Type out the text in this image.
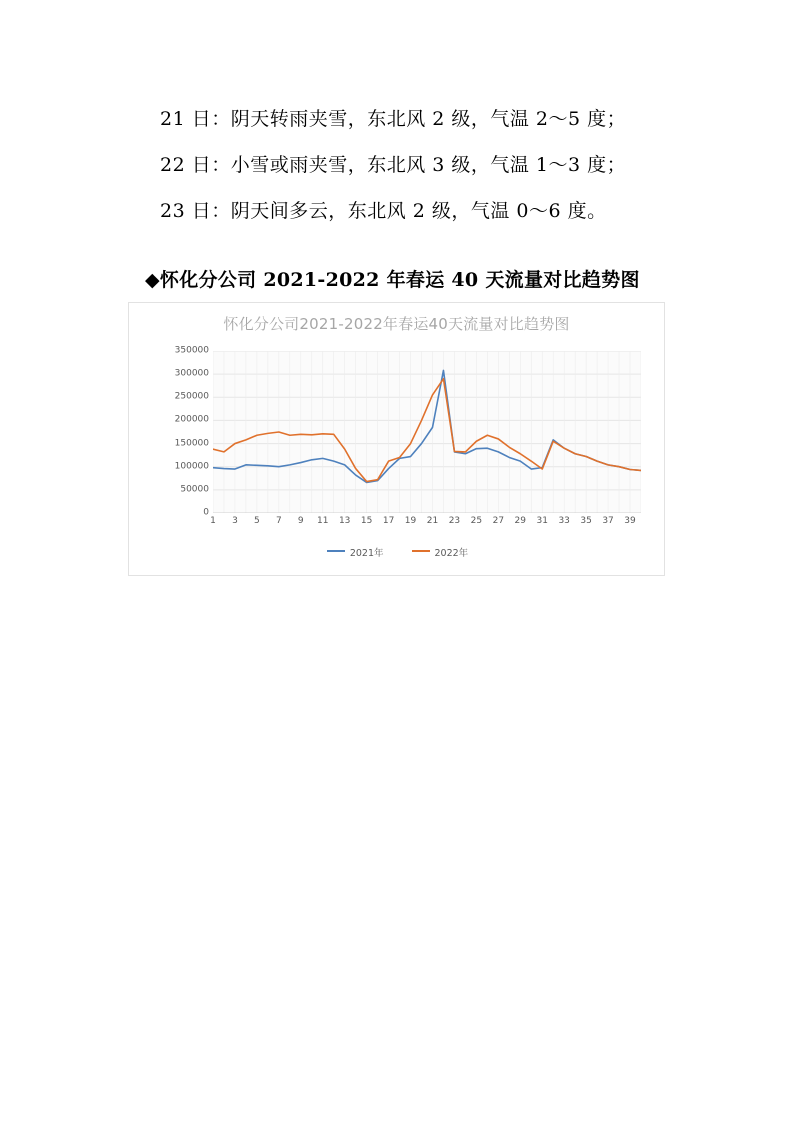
21 日：阴天转雨夹雪，东北风 2 级，气温 2～5 度；
22 日：小雪或雨夹雪，东北风 3 级，气温 1～3 度；
23 日：阴天间多云，东北风 2 级，气温 0～6 度。
◆怀化分公司 2021-2022 年春运 40 天流量对比趋势图
怀化分公司2021-2022年春运40天流量对比趋势图
0
50000
100000
150000
200000
250000
300000
350000
1 3 5 7 9 11 13 15 17 19 21 23 25 27 29 31 33 35 37 39
2021年	2022年
